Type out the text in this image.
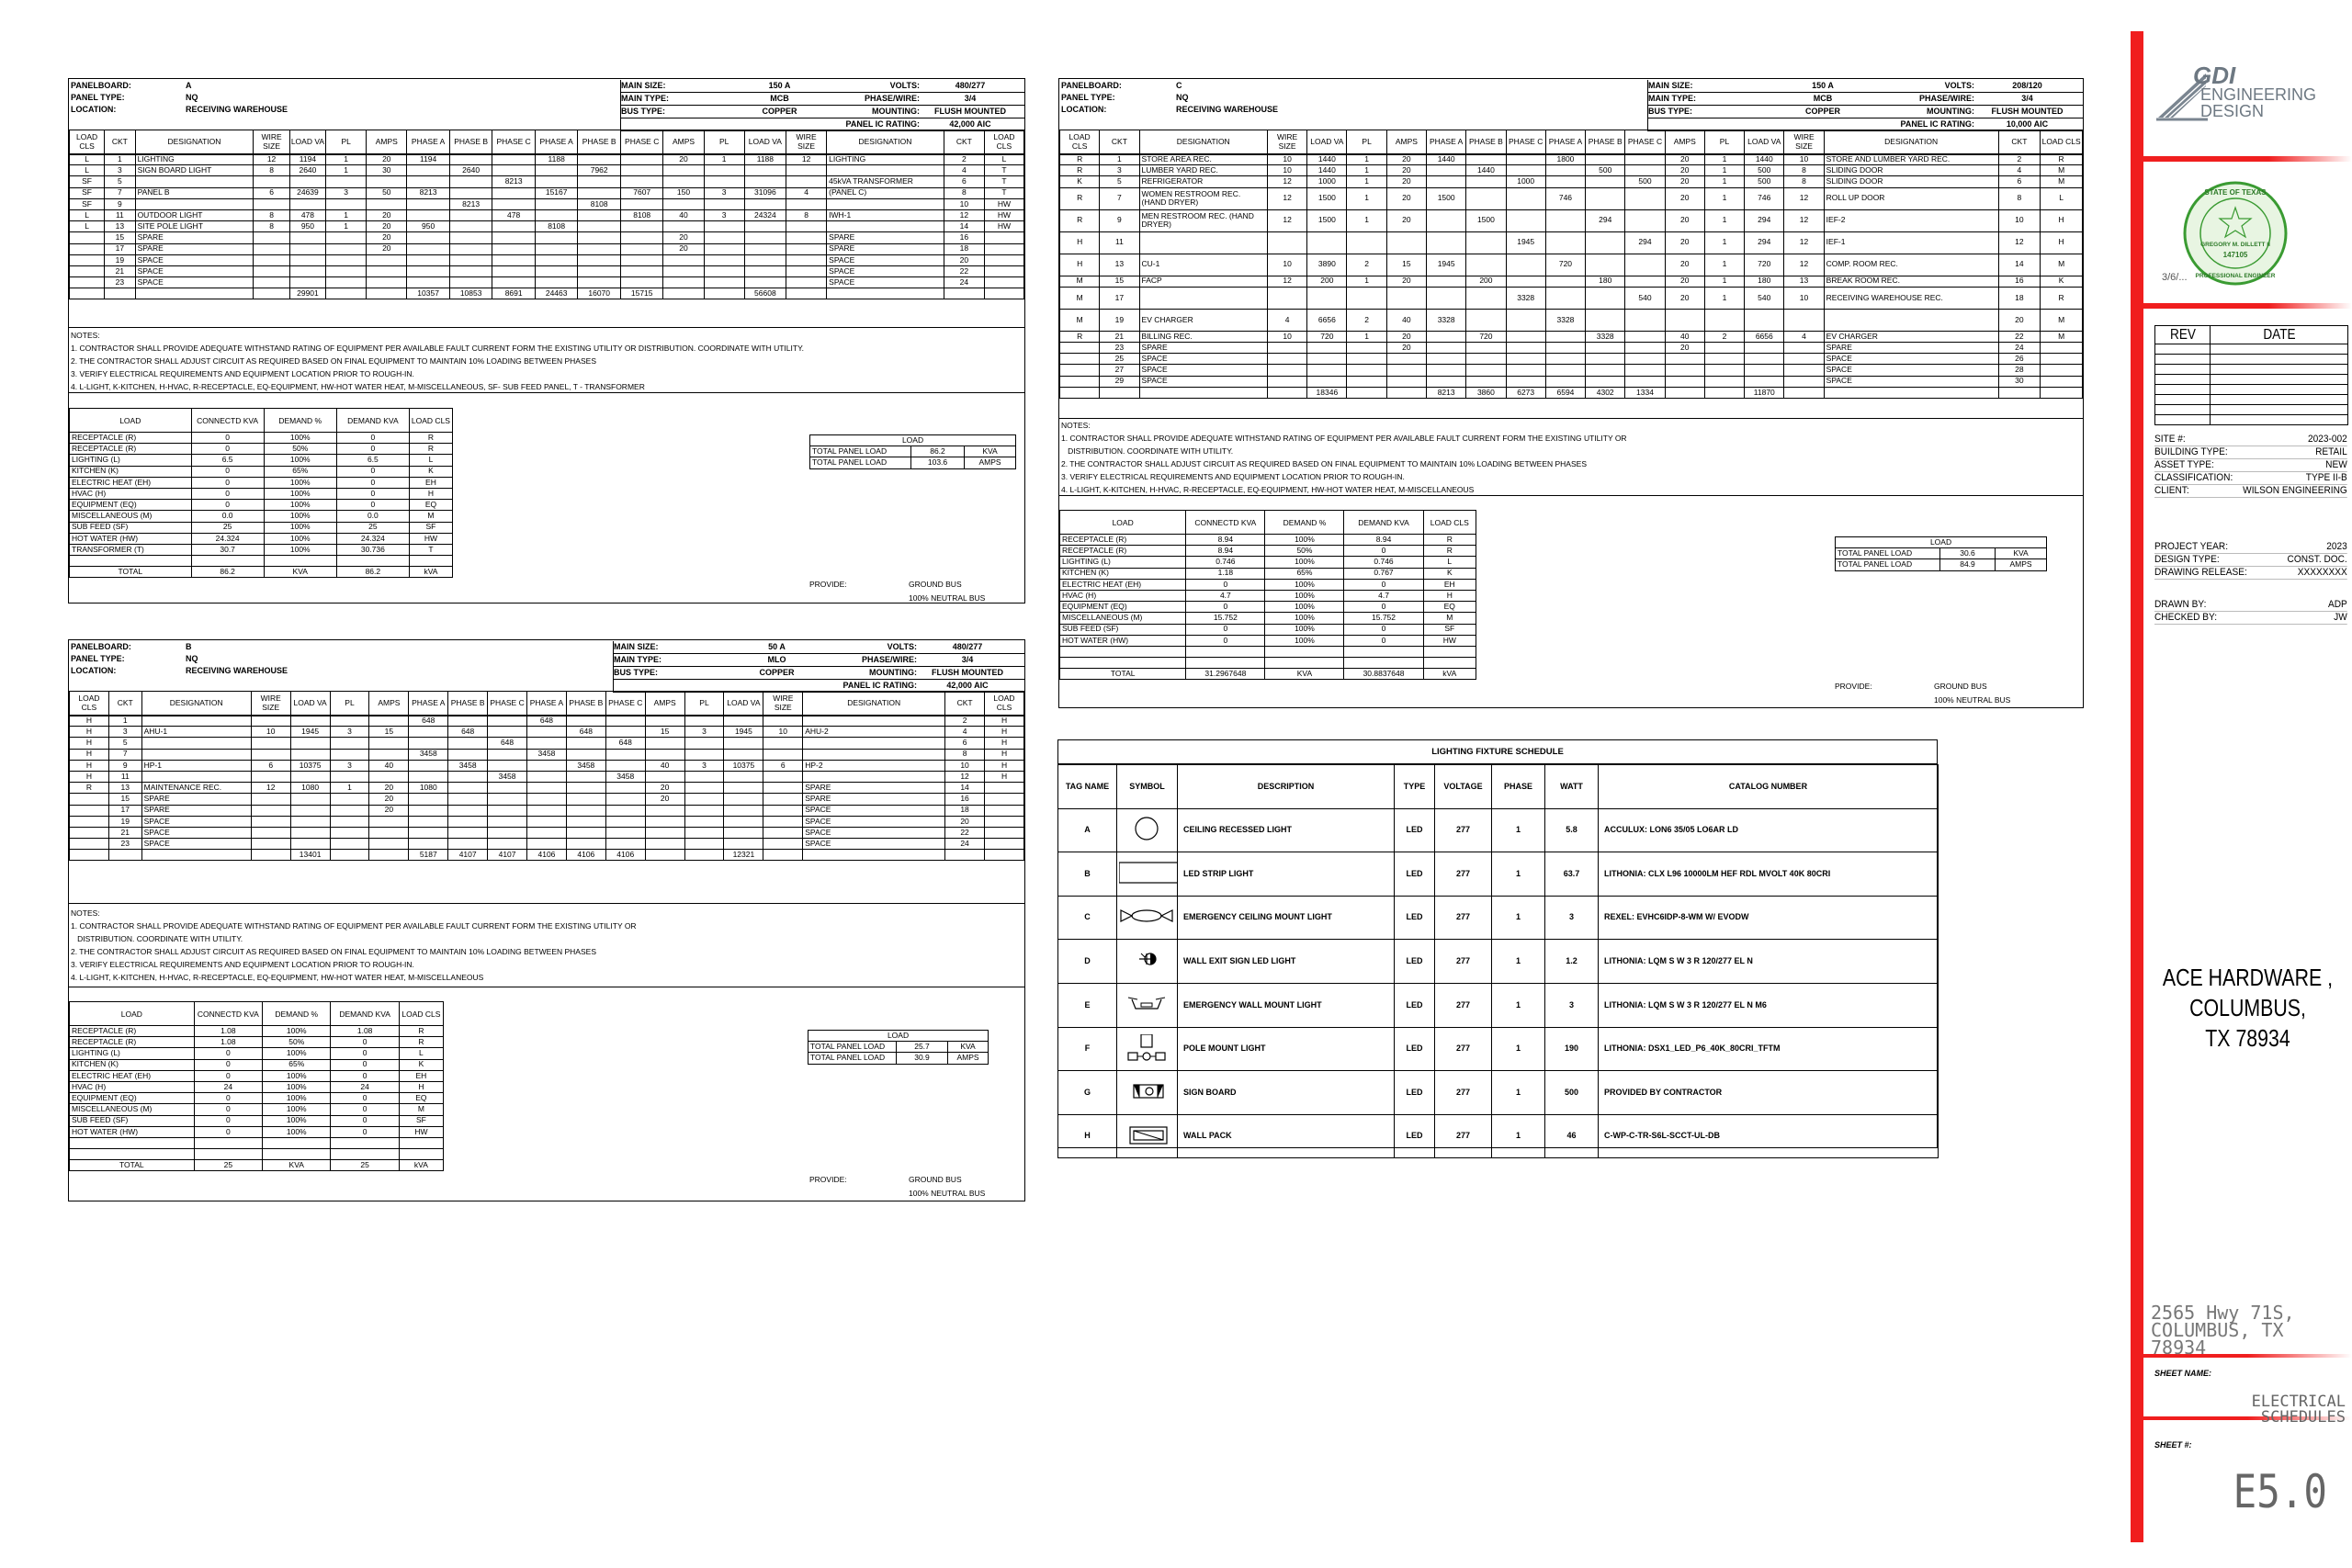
PANELBOARD:	A
PANEL TYPE:	NQ
LOCATION:	RECEIVING WAREHOUSE
MAIN SIZE:	150 A	VOLTS:	480/277
MAIN TYPE:	MCB	PHASE/WIRE:	3/4
BUS TYPE:	COPPER	MOUNTING:	FLUSH MOUNTED
PANEL IC RATING:	42,000 AIC
LOAD CLS	CKT	DESIGNATION	WIRE SIZE	LOAD VA	PL	AMPS	PHASE A	PHASE B	PHASE C	PHASE A	PHASE B	PHASE C	AMPS	PL	LOAD VA	WIRE SIZE	DESIGNATION	CKT	LOAD CLS
L	1	LIGHTING	12	1194	1	20	1194			1188			20	1	1188	12	LIGHTING	2	L
L	3	SIGN BOARD LIGHT	8	2640	1	30		2640			7962							4	T
SF	5								8213								45kVA TRANSFORMER	6	T
SF	7	PANEL B	6	24639	3	50	8213			15167		7607	150	3	31096	4	(PANEL C)	8	T
SF	9							8213			8108							10	HW
L	11	OUTDOOR LIGHT	8	478	1	20			478			8108	40	3	24324	8	IWH-1	12	HW
L	13	SITE POLE LIGHT	8	950	1	20	950			8108								14	HW
	15	SPARE				20							20				SPARE	16	
	17	SPARE				20							20				SPARE	18	
	19	SPACE															SPACE	20	
	21	SPACE															SPACE	22	
	23	SPACE															SPACE	24	
				29901			10357	10853	8691	24463	16070	15715			56608				
NOTES:
1. CONTRACTOR SHALL PROVIDE ADEQUATE WITHSTAND RATING OF EQUIPMENT PER AVAILABLE FAULT CURRENT FORM THE EXISTING UTILITY OR DISTRIBUTION. COORDINATE WITH UTILITY.
2. THE CONTRACTOR SHALL ADJUST CIRCUIT AS REQUIRED BASED ON FINAL EQUIPMENT TO MAINTAIN 10% LOADING BETWEEN PHASES
3. VERIFY ELECTRICAL REQUIREMENTS AND EQUIPMENT LOCATION PRIOR TO ROUGH-IN.
4. L-LIGHT, K-KITCHEN, H-HVAC, R-RECEPTACLE, EQ-EQUIPMENT, HW-HOT WATER HEAT, M-MISCELLANEOUS, SF- SUB FEED PANEL, T - TRANSFORMER
LOAD	CONNECTD KVA	DEMAND %	DEMAND KVA	LOAD CLS
RECEPTACLE (R)	0	100%	0	R
RECEPTACLE (R)	0	50%	0	R
LIGHTING (L)	6.5	100%	6.5	L
KITCHEN (K)	0	65%	0	K
ELECTRIC HEAT (EH)	0	100%	0	EH
HVAC (H)	0	100%	0	H
EQUIPMENT (EQ)	0	100%	0	EQ
MISCELLANEOUS (M)	0.0	100%	0.0	M
SUB FEED (SF)	25	100%	25	SF
HOT WATER (HW)	24.324	100%	24.324	HW
TRANSFORMER (T)	30.7	100%	30.736	T

TOTAL	86.2	KVA	86.2	kVA
LOAD		
TOTAL PANEL LOAD	86.2	KVA
TOTAL PANEL LOAD	103.6	AMPS
PROVIDE:	GROUND BUS
100% NEUTRAL BUS
PANELBOARD:	B
PANEL TYPE:	NQ
LOCATION:	RECEIVING WAREHOUSE
MAIN SIZE:	50 A	VOLTS:	480/277
MAIN TYPE:	MLO	PHASE/WIRE:	3/4
BUS TYPE:	COPPER	MOUNTING:	FLUSH MOUNTED
PANEL IC RATING:	42,000 AIC
LOAD CLS	CKT	DESIGNATION	WIRE SIZE	LOAD VA	PL	AMPS	PHASE A	PHASE B	PHASE C	PHASE A	PHASE B	PHASE C	AMPS	PL	LOAD VA	WIRE SIZE	DESIGNATION	CKT	LOAD CLS
H	1						648			648								2	H
H	3	AHU-1	10	1945	3	15		648			648		15	3	1945	10	AHU-2	4	H
H	5								648			648						6	H
H	7						3458			3458								8	H
H	9	HP-1	6	10375	3	40		3458			3458		40	3	10375	6	HP-2	10	H
H	11								3458			3458						12	H
R	13	MAINTENANCE REC.	12	1080	1	20	1080						20				SPARE	14	
	15	SPARE				20							20				SPARE	16	
	17	SPARE				20											SPACE	18	
	19	SPACE															SPACE	20	
	21	SPACE															SPACE	22	
	23	SPACE															SPACE	24	
				13401			5187	4107	4107	4106	4106	4106			12321				
NOTES:
1. CONTRACTOR SHALL PROVIDE ADEQUATE WITHSTAND RATING OF EQUIPMENT PER AVAILABLE FAULT CURRENT FORM THE EXISTING UTILITY OR
DISTRIBUTION. COORDINATE WITH UTILITY.
2. THE CONTRACTOR SHALL ADJUST CIRCUIT AS REQUIRED BASED ON FINAL EQUIPMENT TO MAINTAIN 10% LOADING BETWEEN PHASES
3. VERIFY ELECTRICAL REQUIREMENTS AND EQUIPMENT LOCATION PRIOR TO ROUGH-IN.
4. L-LIGHT, K-KITCHEN, H-HVAC, R-RECEPTACLE, EQ-EQUIPMENT, HW-HOT WATER HEAT, M-MISCELLANEOUS
LOAD	CONNECTD KVA	DEMAND %	DEMAND KVA	LOAD CLS
RECEPTACLE (R)	1.08	100%	1.08	R
RECEPTACLE (R)	1.08	50%	0	R
LIGHTING (L)	0	100%	0	L
KITCHEN (K)	0	65%	0	K
ELECTRIC HEAT (EH)	0	100%	0	EH
HVAC (H)	24	100%	24	H
EQUIPMENT (EQ)	0	100%	0	EQ
MISCELLANEOUS (M)	0	100%	0	M
SUB FEED (SF)	0	100%	0	SF
HOT WATER (HW)	0	100%	0	HW

TOTAL	25	KVA	25	kVA
LOAD		
TOTAL PANEL LOAD	25.7	KVA
TOTAL PANEL LOAD	30.9	AMPS
PROVIDE:	GROUND BUS
100% NEUTRAL BUS
PANELBOARD:	C
PANEL TYPE:	NQ
LOCATION:	RECEIVING WAREHOUSE
MAIN SIZE:	150 A	VOLTS:	208/120
MAIN TYPE:	MCB	PHASE/WIRE:	3/4
BUS TYPE:	COPPER	MOUNTING:	FLUSH MOUNTED
PANEL IC RATING:	10,000 AIC
LOAD CLS	CKT	DESIGNATION	WIRE SIZE	LOAD VA	PL	AMPS	PHASE A	PHASE B	PHASE C	PHASE A	PHASE B	PHASE C	AMPS	PL	LOAD VA	WIRE SIZE	DESIGNATION	CKT	LOAD CLS
R	1	STORE AREA REC.	10	1440	1	20	1440			1800			20	1	1440	10	STORE AND LUMBER YARD REC.	2	R
R	3	LUMBER YARD REC.	10	1440	1	20		1440			500		20	1	500	8	SLIDING DOOR	4	M
K	5	REFRIGERATOR	12	1000	1	20			1000			500	20	1	500	8	SLIDING DOOR	6	M
R	7	WOMEN RESTROOM REC. (HAND DRYER)	12	1500	1	20	1500			746			20	1	746	12	ROLL UP DOOR	8	L
R	9	MEN RESTROOM REC. (HAND DRYER)	12	1500	1	20		1500			294		20	1	294	12	IEF-2	10	H
H	11								1945			294	20	1	294	12	IEF-1	12	H
H	13	CU-1	10	3890	2	15	1945			720			20	1	720	12	COMP. ROOM REC.	14	M
M	15	FACP	12	200	1	20		200			180		20	1	180	13	BREAK ROOM REC.	16	K
M	17								3328			540	20	1	540	10	RECEIVING WAREHOUSE REC.	18	R
M	19	EV CHARGER	4	6656	2	40	3328			3328								20	M
R	21	BILLING REC.	10	720	1	20		720			3328		40	2	6656	4	EV CHARGER	22	M
	23	SPARE				20							20				SPARE	24	
	25	SPACE															SPACE	26	
	27	SPACE															SPACE	28	
	29	SPACE															SPACE	30	
				18346			8213	3860	6273	6594	4302	1334			11870				
NOTES:
1. CONTRACTOR SHALL PROVIDE ADEQUATE WITHSTAND RATING OF EQUIPMENT PER AVAILABLE FAULT CURRENT FORM THE EXISTING UTILITY OR
DISTRIBUTION. COORDINATE WITH UTILITY.
2. THE CONTRACTOR SHALL ADJUST CIRCUIT AS REQUIRED BASED ON FINAL EQUIPMENT TO MAINTAIN 10% LOADING BETWEEN PHASES
3. VERIFY ELECTRICAL REQUIREMENTS AND EQUIPMENT LOCATION PRIOR TO ROUGH-IN.
4. L-LIGHT, K-KITCHEN, H-HVAC, R-RECEPTACLE, EQ-EQUIPMENT, HW-HOT WATER HEAT, M-MISCELLANEOUS
LOAD	CONNECTD KVA	DEMAND %	DEMAND KVA	LOAD CLS
RECEPTACLE (R)	8.94	100%	8.94	R
RECEPTACLE (R)	8.94	50%	0	R
LIGHTING (L)	0.746	100%	0.746	L
KITCHEN (K)	1.18	65%	0.767	K
ELECTRIC HEAT (EH)	0	100%	0	EH
HVAC (H)	4.7	100%	4.7	H
EQUIPMENT (EQ)	0	100%	0	EQ
MISCELLANEOUS (M)	15.752	100%	15.752	M
SUB FEED (SF)	0	100%	0	SF
HOT WATER (HW)	0	100%	0	HW

TOTAL	31.2967648	KVA	30.8837648	kVA
LOAD		
TOTAL PANEL LOAD	30.6	KVA
TOTAL PANEL LOAD	84.9	AMPS
PROVIDE:	GROUND BUS
100% NEUTRAL BUS
LIGHTING FIXTURE SCHEDULE
TAG NAME	SYMBOL	DESCRIPTION	TYPE	VOLTAGE	PHASE	WATT	CATALOG NUMBER
A		CEILING RECESSED LIGHT	LED	277	1	5.8	ACCULUX: LON6 35/05 LO6AR LD
B		LED STRIP LIGHT	LED	277	1	63.7	LITHONIA: CLX L96 10000LM HEF RDL MVOLT 40K 80CRI
C		EMERGENCY CEILING MOUNT LIGHT	LED	277	1	3	REXEL: EVHC6IDP-8-WM W/ EVODW
D		WALL EXIT SIGN LED LIGHT	LED	277	1	1.2	LITHONIA: LQM S W 3 R 120/277 EL N
E		EMERGENCY WALL MOUNT LIGHT	LED	277	1	3	LITHONIA: LQM S W 3 R 120/277 EL N M6
F		POLE MOUNT LIGHT	LED	277	1	190	LITHONIA: DSX1_LED_P6_40K_80CRI_TFTM
G		SIGN BOARD	LED	277	1	500	PROVIDED BY CONTRACTOR
H		WALL PACK	LED	277	1	46	C-WP-C-TR-S6L-SCCT-UL-DB
GDI
ENGINEERING
DESIGN
STATE OF TEXAS
GREGORY M. DILLETT II
147105
PROFESSIONAL ENGINEER
3/6/...
REV	DATE

SITE #:	2023-002
BUILDING TYPE:	RETAIL
ASSET TYPE:	NEW
CLASSIFICATION:	TYPE II-B
CLIENT:	WILSON ENGINEERING
PROJECT YEAR:	2023
DESIGN TYPE:	CONST. DOC.
DRAWING RELEASE:	XXXXXXXX
DRAWN BY:	ADP
CHECKED BY:	JW
ACE HARDWARE ,
COLUMBUS,
TX 78934
2565 Hwy 71S,
COLUMBUS, TX
78934
SHEET NAME:
ELECTRICAL
SCHEDULES
SHEET #:
E5.0
